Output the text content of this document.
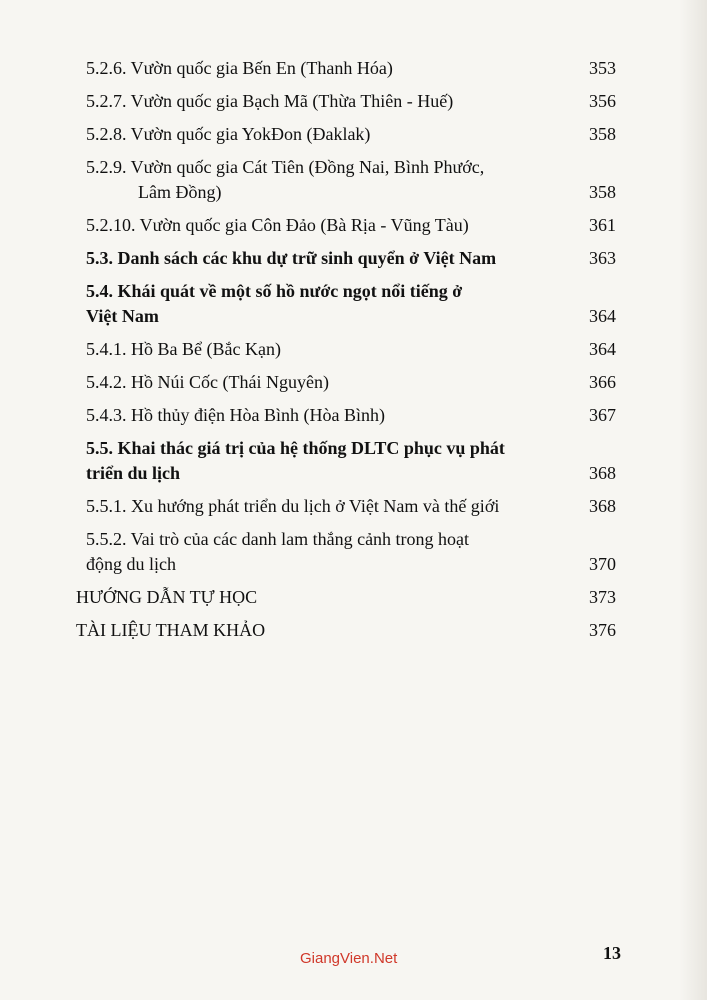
5.2.6. Vườn quốc gia Bến En (Thanh Hóa)	353
5.2.7. Vườn quốc gia Bạch Mã (Thừa Thiên - Huế)	356
5.2.8. Vườn quốc gia YokĐon (Đaklak)	358
5.2.9. Vườn quốc gia Cát Tiên (Đồng Nai, Bình Phước,
Lâm Đồng)	358
5.2.10. Vườn quốc gia Côn Đảo (Bà Rịa - Vũng Tàu)	361
5.3. Danh sách các khu dự trữ sinh quyển ở Việt Nam	363
5.4. Khái quát về một số hồ nước ngọt nổi tiếng ở
Việt Nam	364
5.4.1. Hồ Ba Bể (Bắc Kạn)	364
5.4.2. Hồ Núi Cốc (Thái Nguyên)	366
5.4.3. Hồ thủy điện Hòa Bình (Hòa Bình)	367
5.5. Khai thác giá trị của hệ thống DLTC phục vụ phát
triển du lịch	368
5.5.1. Xu hướng phát triển du lịch ở Việt Nam và thế giới	368
5.5.2. Vai trò của các danh lam thắng cảnh trong hoạt
động du lịch	370
HƯỚNG DẪN TỰ HỌC	373
TÀI LIỆU THAM KHẢO	376
GiangVien.Net	13
